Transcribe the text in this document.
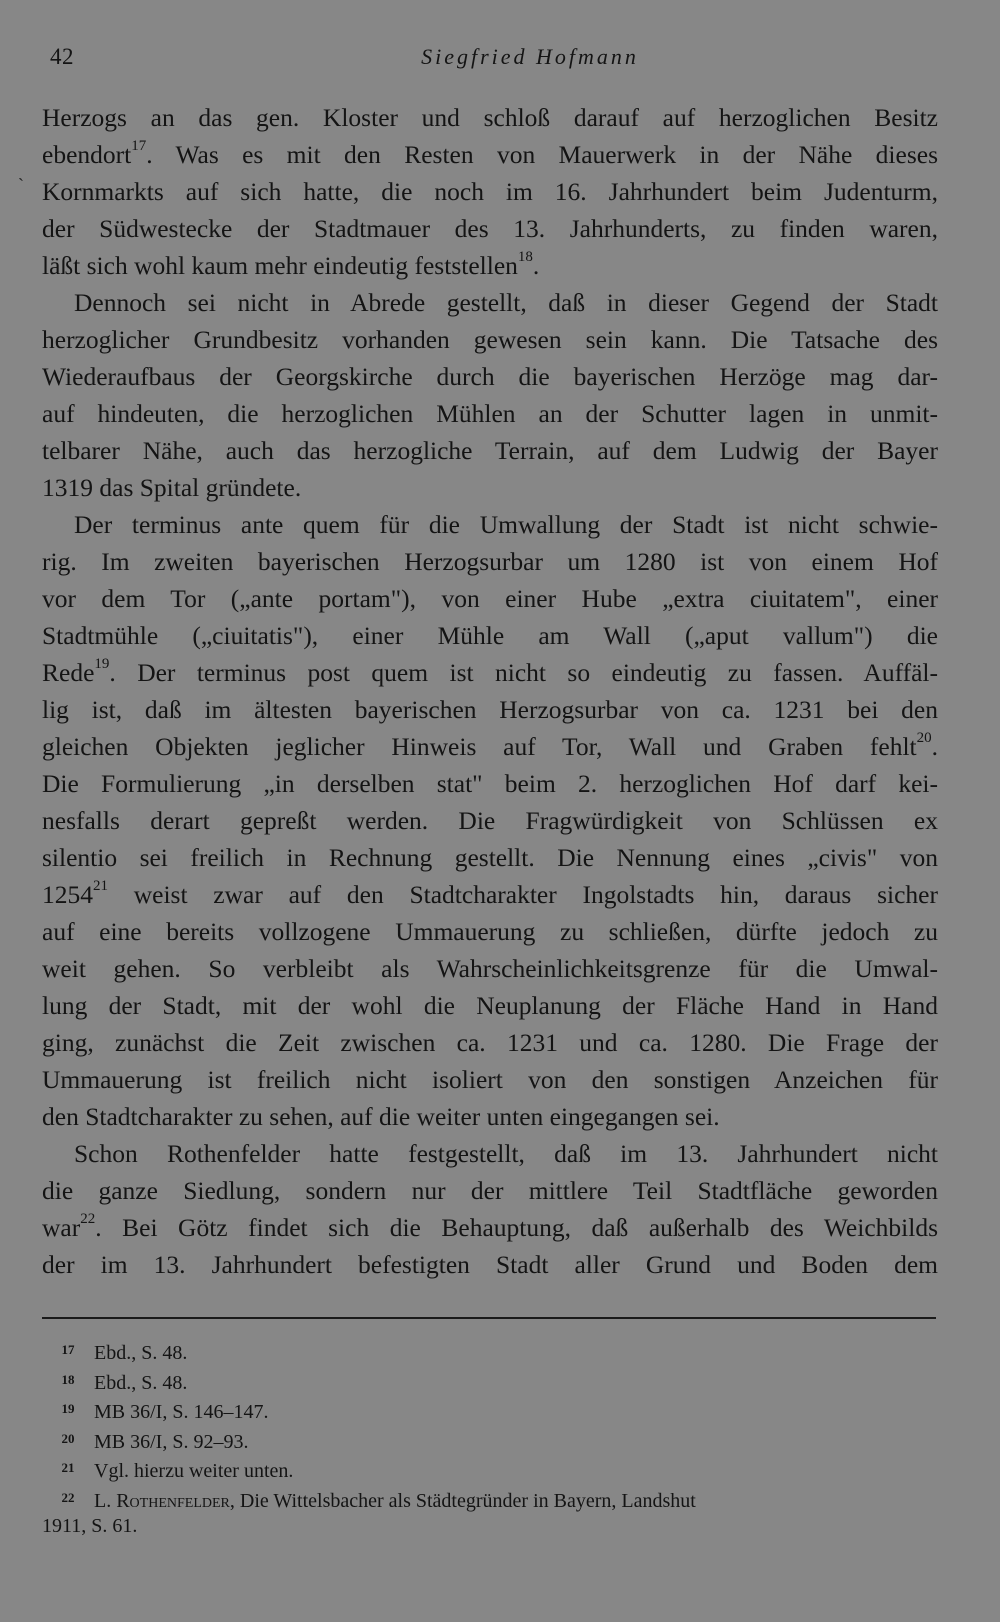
42	Siegfried Hofmann
`
Herzogs an das gen. Kloster und schloß darauf auf herzoglichen Besitz
ebendort$^{17}$. Was es mit den Resten von Mauerwerk in der Nähe dieses
Kornmarkts auf sich hatte, die noch im 16. Jahrhundert beim Judenturm,
der Südwestecke der Stadtmauer des 13. Jahrhunderts, zu finden waren,
läßt sich wohl kaum mehr eindeutig feststellen$^{18}$.
Dennoch sei nicht in Abrede gestellt, daß in dieser Gegend der Stadt
herzoglicher Grundbesitz vorhanden gewesen sein kann. Die Tatsache des
Wiederaufbaus der Georgskirche durch die bayerischen Herzöge mag dar-
auf hindeuten, die herzoglichen Mühlen an der Schutter lagen in unmit-
telbarer Nähe, auch das herzogliche Terrain, auf dem Ludwig der Bayer
1319 das Spital gründete.
Der terminus ante quem für die Umwallung der Stadt ist nicht schwie-
rig. Im zweiten bayerischen Herzogsurbar um 1280 ist von einem Hof
vor dem Tor („ante portam"), von einer Hube „extra ciuitatem", einer
Stadtmühle („ciuitatis"), einer Mühle am Wall („aput vallum") die
Rede$^{19}$. Der terminus post quem ist nicht so eindeutig zu fassen. Auffäl-
lig ist, daß im ältesten bayerischen Herzogsurbar von ca. 1231 bei den
gleichen Objekten jeglicher Hinweis auf Tor, Wall und Graben fehlt$^{20}$.
Die Formulierung „in derselben stat" beim 2. herzoglichen Hof darf kei-
nesfalls derart gepreßt werden. Die Fragwürdigkeit von Schlüssen ex
silentio sei freilich in Rechnung gestellt. Die Nennung eines „civis" von
1254$^{21}$ weist zwar auf den Stadtcharakter Ingolstadts hin, daraus sicher
auf eine bereits vollzogene Ummauerung zu schließen, dürfte jedoch zu
weit gehen. So verbleibt als Wahrscheinlichkeitsgrenze für die Umwal-
lung der Stadt, mit der wohl die Neuplanung der Fläche Hand in Hand
ging, zunächst die Zeit zwischen ca. 1231 und ca. 1280. Die Frage der
Ummauerung ist freilich nicht isoliert von den sonstigen Anzeichen für
den Stadtcharakter zu sehen, auf die weiter unten eingegangen sei.
Schon Rothenfelder hatte festgestellt, daß im 13. Jahrhundert nicht
die ganze Siedlung, sondern nur der mittlere Teil Stadtfläche geworden
war$^{22}$. Bei Götz findet sich die Behauptung, daß außerhalb des Weichbilds
der im 13. Jahrhundert befestigten Stadt aller Grund und Boden dem
17 Ebd., S. 48.
18 Ebd., S. 48.
19 MB 36/I, S. 146–147.
20 MB 36/I, S. 92–93.
21 Vgl. hierzu weiter unten.
22 L. Rothenfelder, Die Wittelsbacher als Städtegründer in Bayern, Landshut
1911, S. 61.
